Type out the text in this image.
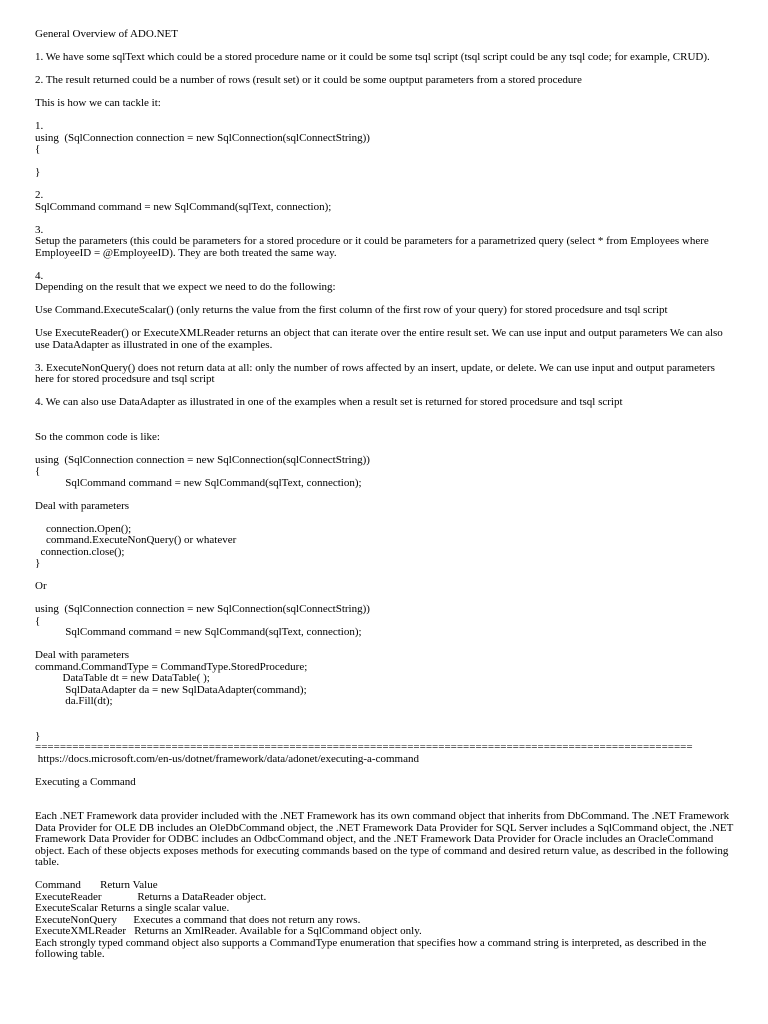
General Overview of ADO.NET
1. We have some sqlText which could be a stored procedure name or it could be some tsql script (tsql script could be any tsql code; for example, CRUD).
2. The result returned could be a number of rows (result set) or it could be some ouptput parameters from a stored procedure
This is how we can tackle it:
1.
using  (SqlConnection connection = new SqlConnection(sqlConnectString))
{
}
2.
SqlCommand command = new SqlCommand(sqlText, connection);
3.
Setup the parameters (this could be parameters for a stored procedure or it could be parameters for a parametrized query (select * from Employees where EmployeeID = @EmployeeID). They are both treated the same way.
4.
Depending on the result that we expect we need to do the following:
Use Command.ExecuteScalar() (only returns the value from the first column of the first row of your query) for stored procedsure and tsql script
Use ExecuteReader() or ExecuteXMLReader returns an object that can iterate over the entire result set. We can use input and output parameters We can also use DataAdapter as illustrated in one of the examples.
3. ExecuteNonQuery() does not return data at all: only the number of rows affected by an insert, update, or delete. We can use input and output parameters here for stored procedsure and tsql script
4. We can also use DataAdapter as illustrated in one of the examples when a result set is returned for stored procedsure and tsql script
So the common code is like:
using  (SqlConnection connection = new SqlConnection(sqlConnectString))
{
SqlCommand command = new SqlCommand(sqlText, connection);
Deal with parameters
connection.Open();
command.ExecuteNonQuery() or whatever
connection.close();
}
Or
using  (SqlConnection connection = new SqlConnection(sqlConnectString))
{
SqlCommand command = new SqlCommand(sqlText, connection);
Deal with parameters
command.CommandType = CommandType.StoredProcedure;
DataTable dt = new DataTable( );
SqlDataAdapter da = new SqlDataAdapter(command);
da.Fill(dt);
}
==========================================================================================================
https://docs.microsoft.com/en-us/dotnet/framework/data/adonet/executing-a-command
Executing a Command
Each .NET Framework data provider included with the .NET Framework has its own command object that inherits from DbCommand. The .NET Framework Data Provider for OLE DB includes an OleDbCommand object, the .NET Framework Data Provider for SQL Server includes a SqlCommand object, the .NET Framework Data Provider for ODBC includes an OdbcCommand object, and the .NET Framework Data Provider for Oracle includes an OracleCommand object. Each of these objects exposes methods for executing commands based on the type of command and desired return value, as described in the following table.
Command       Return Value
ExecuteReader             Returns a DataReader object.
ExecuteScalar Returns a single scalar value.
ExecuteNonQuery      Executes a command that does not return any rows.
ExecuteXMLReader   Returns an XmlReader. Available for a SqlCommand object only.
Each strongly typed command object also supports a CommandType enumeration that specifies how a command string is interpreted, as described in the following table.
